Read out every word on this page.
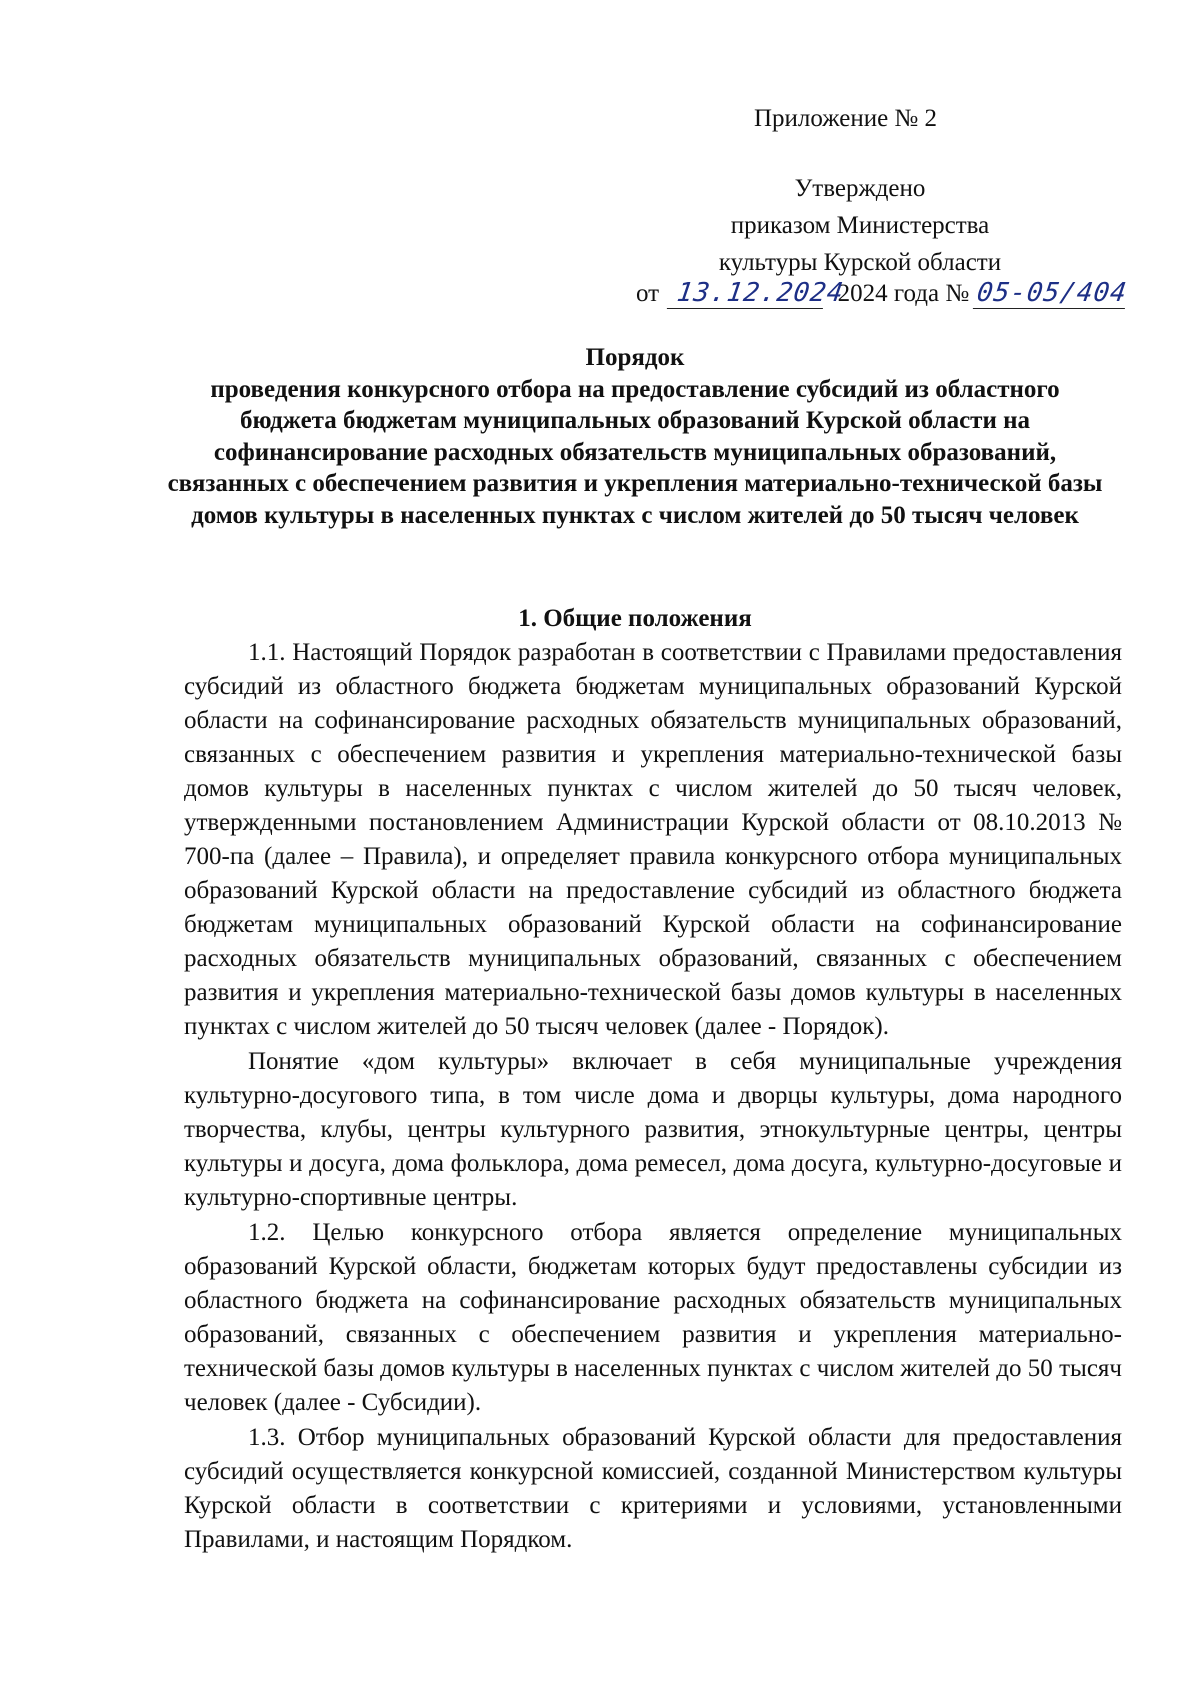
Приложение № 2
Утверждено
приказом Министерства
культуры Курской области
от 13.12.2024 2024 года № 05-05/404
Порядок
проведения конкурсного отбора на предоставление субсидий из областного бюджета бюджетам муниципальных образований Курской области на софинансирование расходных обязательств муниципальных образований, связанных с обеспечением развития и укрепления материально-технической базы домов культуры в населенных пунктах с числом жителей до 50 тысяч человек
1. Общие положения

1.1. Настоящий Порядок разработан в соответствии с Правилами предоставления субсидий из областного бюджета бюджетам муниципальных образований Курской области на софинансирование расходных обязательств муниципальных образований, связанных с обеспечением развития и укрепления материально-технической базы домов культуры в населенных пунктах с числом жителей до 50 тысяч человек, утвержденными постановлением Администрации Курской области от 08.10.2013 № 700-па (далее – Правила), и определяет правила конкурсного отбора муниципальных образований Курской области на предоставление субсидий из областного бюджета бюджетам муниципальных образований Курской области на софинансирование расходных обязательств муниципальных образований, связанных с обеспечением развития и укрепления материально-технической базы домов культуры в населенных пунктах с числом жителей до 50 тысяч человек (далее - Порядок).

Понятие «дом культуры» включает в себя муниципальные учреждения культурно-досугового типа, в том числе дома и дворцы культуры, дома народного творчества, клубы, центры культурного развития, этнокультурные центры, центры культуры и досуга, дома фольклора, дома ремесел, дома досуга, культурно-досуговые и культурно-спортивные центры.

1.2. Целью конкурсного отбора является определение муниципальных образований Курской области, бюджетам которых будут предоставлены субсидии из областного бюджета на софинансирование расходных обязательств муниципальных образований, связанных с обеспечением развития и укрепления материально-технической базы домов культуры в населенных пунктах с числом жителей до 50 тысяч человек (далее - Субсидии).

1.3. Отбор муниципальных образований Курской области для предоставления субсидий осуществляется конкурсной комиссией, созданной Министерством культуры Курской области в соответствии с критериями и условиями, установленными Правилами, и настоящим Порядком.
